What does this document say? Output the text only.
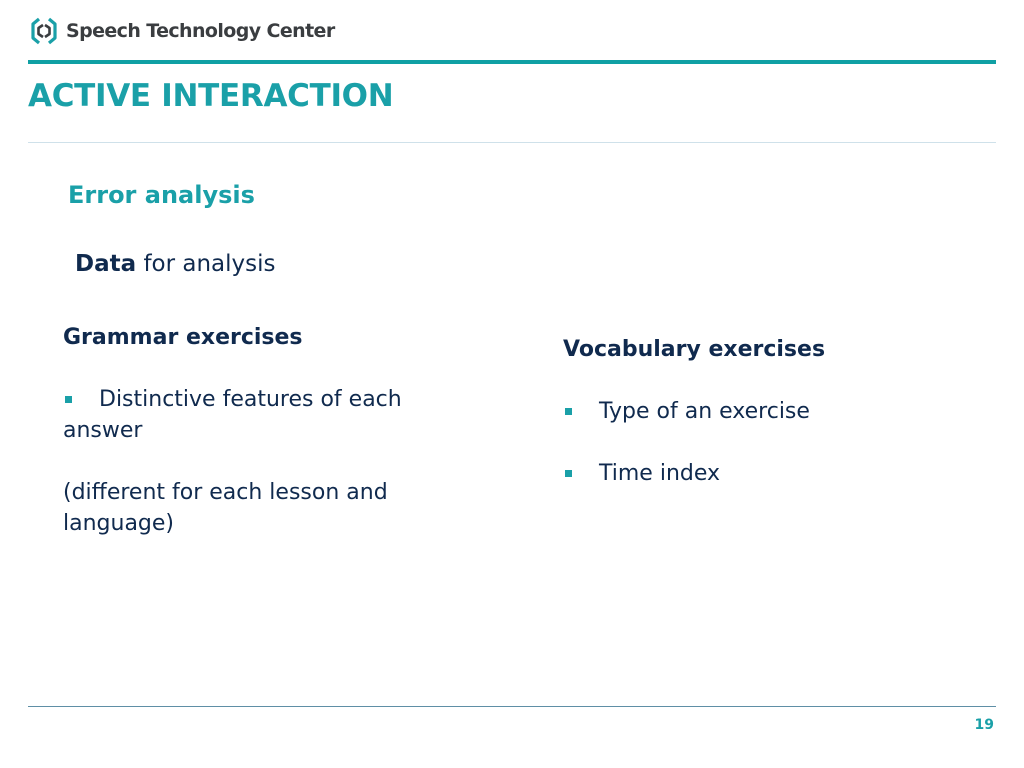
Speech Technology Center
ACTIVE INTERACTION
Error analysis
Data for analysis
Grammar exercises
Distinctive features of each answer
(different for each lesson and language)
Vocabulary exercises
Type of an exercise
Time index
19
